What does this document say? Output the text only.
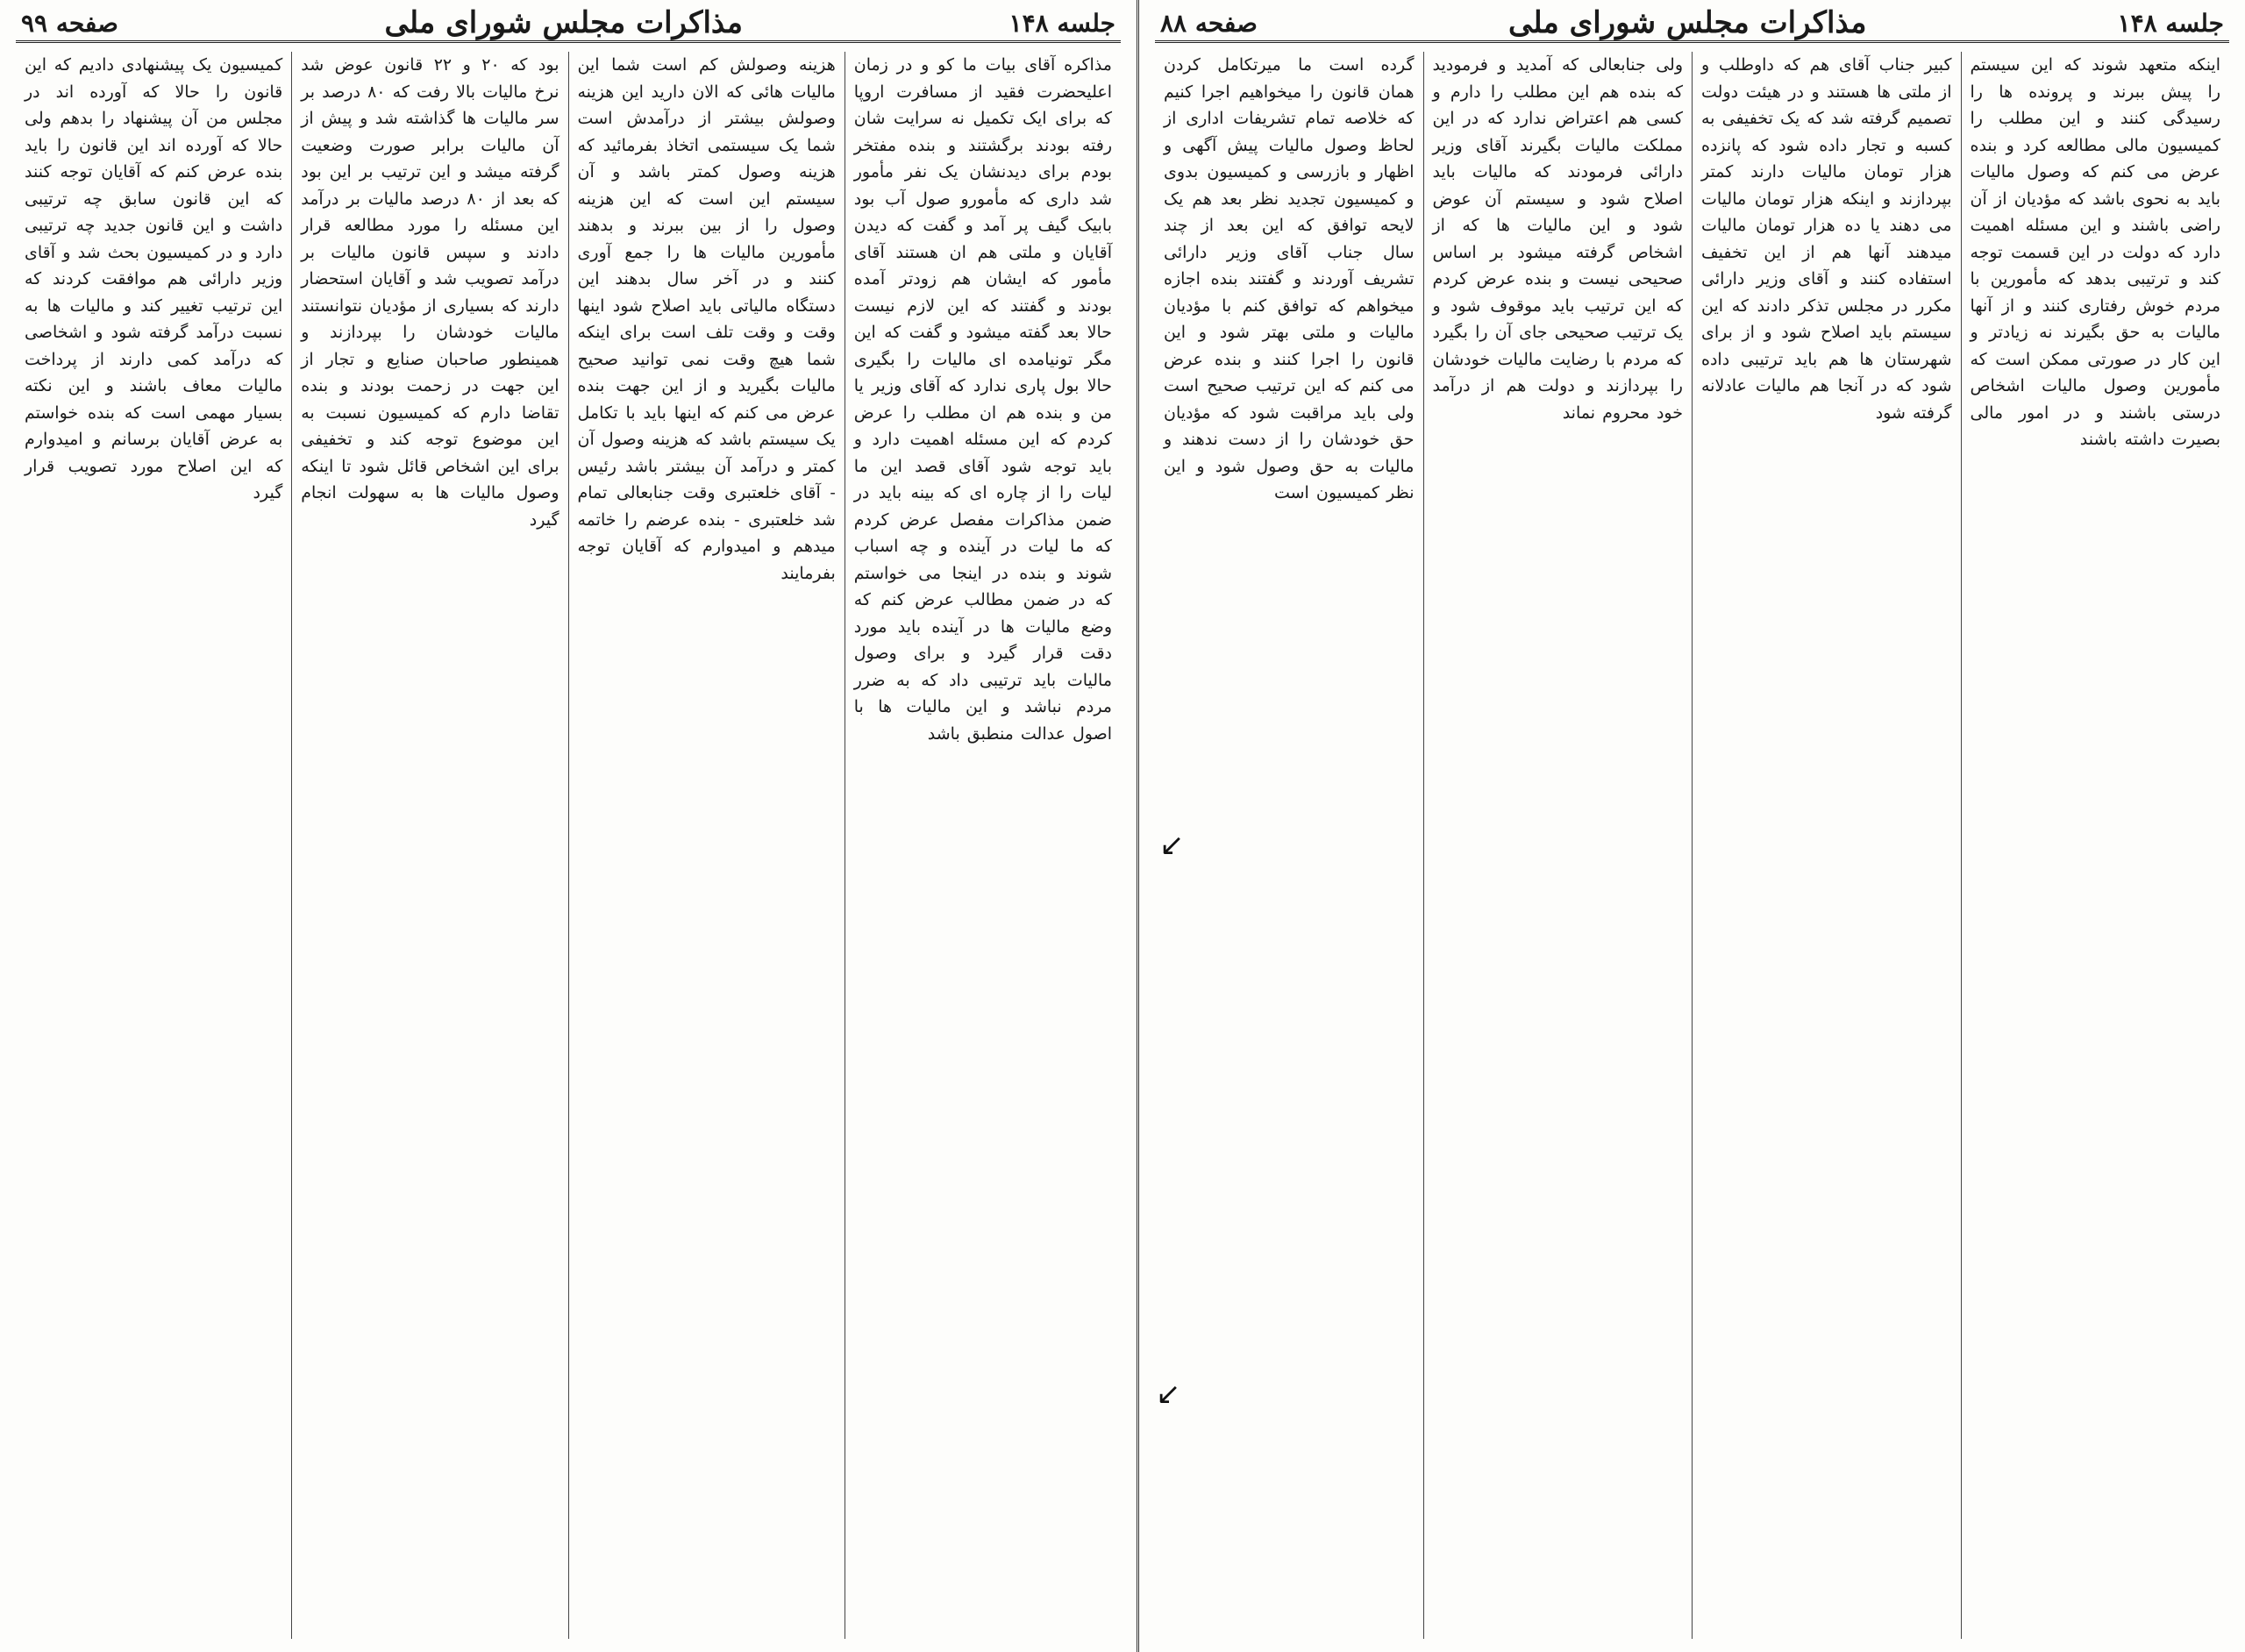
جلسه ۱۴۸
مذاکرات مجلس شورای ملی
صفحه ۹۹

مذاکره آقای بیات ما کو و در زمان اعلیحضرت فقید از مسافرت اروپا که برای ایک تکمیل نه سرایت شان رفته بودند برگشتند و بنده مفتخر بودم برای دیدنشان یک نفر مأمور شد داری که مأمورو صول آب بود بابیک گیف پر آمد و گفت که دیدن آقایان و ملتی هم ان هستند آقای مأمور که ایشان هم زودتر آمده بودند و گفتند که این لازم نیست حالا بعد گفته میشود و گفت که این مگر تونیامده ای مالیات را بگیری حالا بول پاری ندارد که آقای وزیر یا من و بنده هم ان مطلب را عرض کردم که این مسئله اهمیت دارد و باید توجه شود آقای قصد این ما لیات را از چاره ای که بینه باید در ضمن مذاکرات مفصل عرض کردم که ما لیات در آینده و چه اسباب شوند و بنده در اینجا می خواستم که در ضمن مطالب عرض کنم که وضع مالیات ها در آینده باید مورد دقت قرار گیرد و برای وصول مالیات باید ترتیبی داد که به ضرر مردم نباشد و این مالیات ها با اصول عدالت منطبق باشد

هزینه وصولش کم است شما این مالیات هائی که الان دارید این هزینه وصولش بیشتر از درآمدش است شما یک سیستمی اتخاذ بفرمائید که هزینه وصول کمتر باشد و آن سیستم این است که این هزینه وصول را از بین ببرند و بدهند مأمورین مالیات ها را جمع آوری کنند و در آخر سال بدهند این دستگاه مالیاتی باید اصلاح شود اینها وقت و وقت تلف است برای اینکه شما هیچ وقت نمی توانید صحیح مالیات بگیرید و از این جهت بنده عرض می کنم که اینها باید با تکامل یک سیستم باشد که هزینه وصول آن کمتر و درآمد آن بیشتر باشد رئیس - آقای خلعتبری وقت جنابعالی تمام شد خلعتبری - بنده عرضم را خاتمه میدهم و امیدوارم که آقایان توجه بفرمایند

بود که ۲۰ و ۲۲ قانون عوض شد نرخ مالیات بالا رفت که ۸۰ درصد بر سر مالیات ها گذاشته شد و پیش از آن مالیات برابر صورت وضعیت گرفته میشد و این ترتیب بر این بود که بعد از ۸۰ درصد مالیات بر درآمد این مسئله را مورد مطالعه قرار دادند و سپس قانون مالیات بر درآمد تصویب شد و آقایان استحضار دارند که بسیاری از مؤدیان نتوانستند مالیات خودشان را بپردازند و همینطور صاحبان صنایع و تجار از این جهت در زحمت بودند و بنده تقاضا دارم که کمیسیون نسبت به این موضوع توجه کند و تخفیفی برای این اشخاص قائل شود تا اینکه وصول مالیات ها به سهولت انجام گیرد

کمیسیون یک پیشنهادی دادیم که این قانون را حالا که آورده اند در مجلس من آن پیشنهاد را بدهم ولی حالا که آورده اند این قانون را باید بنده عرض کنم که آقایان توجه کنند که این قانون سابق چه ترتیبی داشت و این قانون جدید چه ترتیبی دارد و در کمیسیون بحث شد و آقای وزیر دارائی هم موافقت کردند که این ترتیب تغییر کند و مالیات ها به نسبت درآمد گرفته شود و اشخاصی که درآمد کمی دارند از پرداخت مالیات معاف باشند و این نکته بسیار مهمی است که بنده خواستم به عرض آقایان برسانم و امیدوارم که این اصلاح مورد تصویب قرار گیرد

جلسه ۱۴۸
مذاکرات مجلس شورای ملی
صفحه ۸۸

اینکه متعهد شوند که این سیستم را پیش ببرند و پرونده ها را رسیدگی کنند و این مطلب را کمیسیون مالی مطالعه کرد و بنده عرض می کنم که وصول مالیات باید به نحوی باشد که مؤدیان از آن راضی باشند و این مسئله اهمیت دارد که دولت در این قسمت توجه کند و ترتیبی بدهد که مأمورین با مردم خوش رفتاری کنند و از آنها مالیات به حق بگیرند نه زیادتر و این کار در صورتی ممکن است که مأمورین وصول مالیات اشخاص درستی باشند و در امور مالی بصیرت داشته باشند

کبیر جناب آقای هم که داوطلب و از ملتی ها هستند و در هیئت دولت تصمیم گرفته شد که یک تخفیفی به کسبه و تجار داده شود که پانزده هزار تومان مالیات دارند کمتر بپردازند و اینکه هزار تومان مالیات می دهند یا ده هزار تومان مالیات میدهند آنها هم از این تخفیف استفاده کنند و آقای وزیر دارائی مکرر در مجلس تذکر دادند که این سیستم باید اصلاح شود و از برای شهرستان ها هم باید ترتیبی داده شود که در آنجا هم مالیات عادلانه گرفته شود

ولی جنابعالی که آمدید و فرمودید که بنده هم این مطلب را دارم و کسی هم اعتراض ندارد که در این مملکت مالیات بگیرند آقای وزیر دارائی فرمودند که مالیات باید اصلاح شود و سیستم آن عوض شود و این مالیات ها که از اشخاص گرفته میشود بر اساس صحیحی نیست و بنده عرض کردم که این ترتیب باید موقوف شود و یک ترتیب صحیحی جای آن را بگیرد که مردم با رضایت مالیات خودشان را بپردازند و دولت هم از درآمد خود محروم نماند

گرده است ما میرتکامل کردن همان قانون را میخواهیم اجرا کنیم که خلاصه تمام تشریفات اداری از لحاظ وصول مالیات پیش آگهی و اظهار و بازرسی و کمیسیون بدوی و کمیسیون تجدید نظر بعد هم یک لایحه توافق که این بعد از چند سال جناب آقای وزیر دارائی تشریف آوردند و گفتند بنده اجازه میخواهم که توافق کنم با مؤدیان مالیات و ملتی بهتر شود و این قانون را اجرا کنند و بنده عرض می کنم که این ترتیب صحیح است ولی باید مراقبت شود که مؤدیان حق خودشان را از دست ندهند و مالیات به حق وصول شود و این نظر کمیسیون است

↙
↙
